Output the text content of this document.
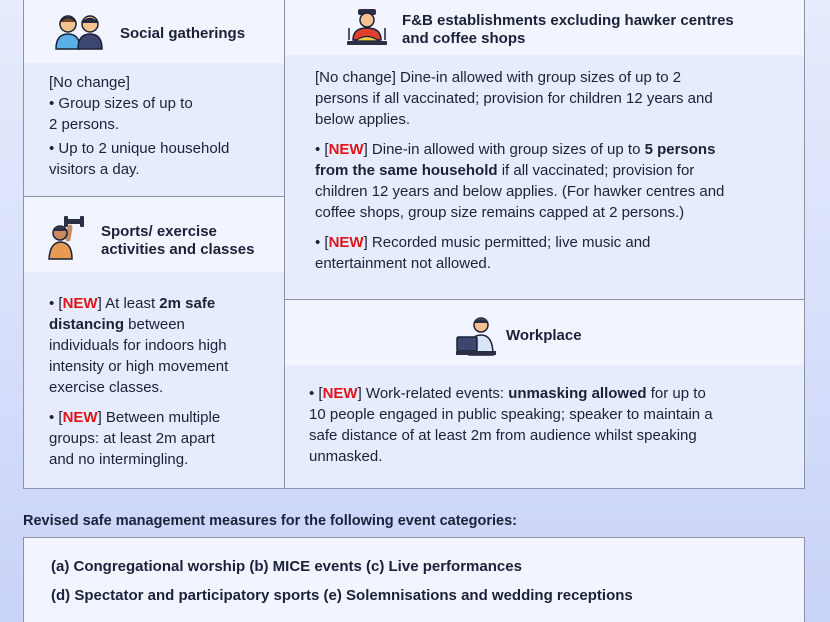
Social gatherings
[No change]
• Group sizes of up to
2 persons.
• Up to 2 unique household
visitors a day.
Sports/ exercise
activities and classes
• [NEW] At least 2m safe
distancing between
individuals for indoors high
intensity or high movement
exercise classes.
• [NEW] Between multiple
groups: at least 2m apart
and no intermingling.
F&B establishments excluding hawker centres
and coffee shops
[No change] Dine-in allowed with group sizes of up to 2
persons if all vaccinated; provision for children 12 years and
below applies.
• [NEW] Dine-in allowed with group sizes of up to 5 persons
from the same household if all vaccinated; provision for
children 12 years and below applies. (For hawker centres and
coffee shops, group size remains capped at 2 persons.)
• [NEW] Recorded music permitted; live music and
entertainment not allowed.
Workplace
• [NEW] Work-related events: unmasking allowed for up to
10 people engaged in public speaking; speaker to maintain a
safe distance of at least 2m from audience whilst speaking
unmasked.
Revised safe management measures for the following event categories:
(a) Congregational worship (b) MICE events (c) Live performances
(d) Spectator and participatory sports (e) Solemnisations and wedding receptions
